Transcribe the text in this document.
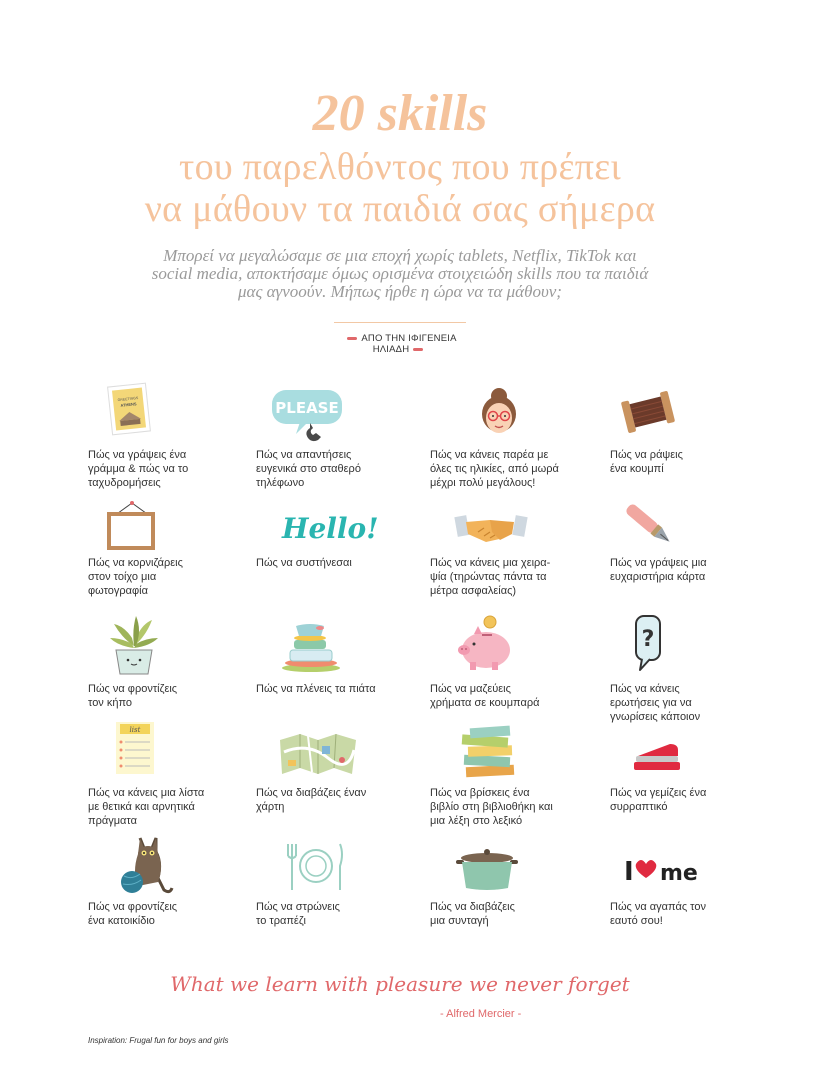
20 skills
του παρελθόντος που πρέπει
να μάθουν τα παιδιά σας σήμερα
Μπορεί να μεγαλώσαμε σε μια εποχή χωρίς tablets, Netflix, TikTok και social media, αποκτήσαμε όμως ορισμένα στοιχειώδη skills που τα παιδιά μας αγνοούν. Μήπως ήρθε η ώρα να τα μάθουν;
ΑΠΟ ΤΗΝ ΙΦΙΓΕΝΕΙΑ ΗΛΙΑΔΗ
GREETINGS
ATHENS
Πώς να γράψεις ένα
γράμμα & πώς να το
ταχυδρομήσεις
PLEASE
Πώς να απαντήσεις
ευγενικά στο σταθερό
τηλέφωνο
Πώς να κάνεις παρέα με
όλες τις ηλικίες, από μωρά
μέχρι πολύ μεγάλους!
Πώς να ράψεις
ένα κουμπί
Πώς να κορνιζάρεις
στον τοίχο μια
φωτογραφία
Hello!
Πώς να συστήνεσαι	Πώς να κάνεις μια χειρα-
ψία (τηρώντας πάντα τα
μέτρα ασφαλείας)
Πώς να γράψεις μια
ευχαριστήρια κάρτα
Πώς να φροντίζεις
τον κήπο
Πώς να πλένεις τα πιάτα	Πώς να μαζεύεις
χρήματα σε κουμπαρά
?
Πώς να κάνεις
ερωτήσεις για να
γνωρίσεις κάποιον
list
Πώς να κάνεις μια λίστα
με θετικά και αρνητικά
πράγματα
Πώς να διαβάζεις έναν
χάρτη
Πώς να βρίσκεις ένα
βιβλίο στη βιβλιοθήκη και
μια λέξη στο λεξικό
Πώς να γεμίζεις ένα
συρραπτικό
Πώς να φροντίζεις
ένα κατοικίδιο
Πώς να στρώνεις
το τραπέζι
Πώς να διαβάζεις
μια συνταγή
I me
Πώς να αγαπάς τον
εαυτό σου!
What we learn with pleasure we never forget
- Alfred Mercier -
Inspiration: Frugal fun for boys and girls
